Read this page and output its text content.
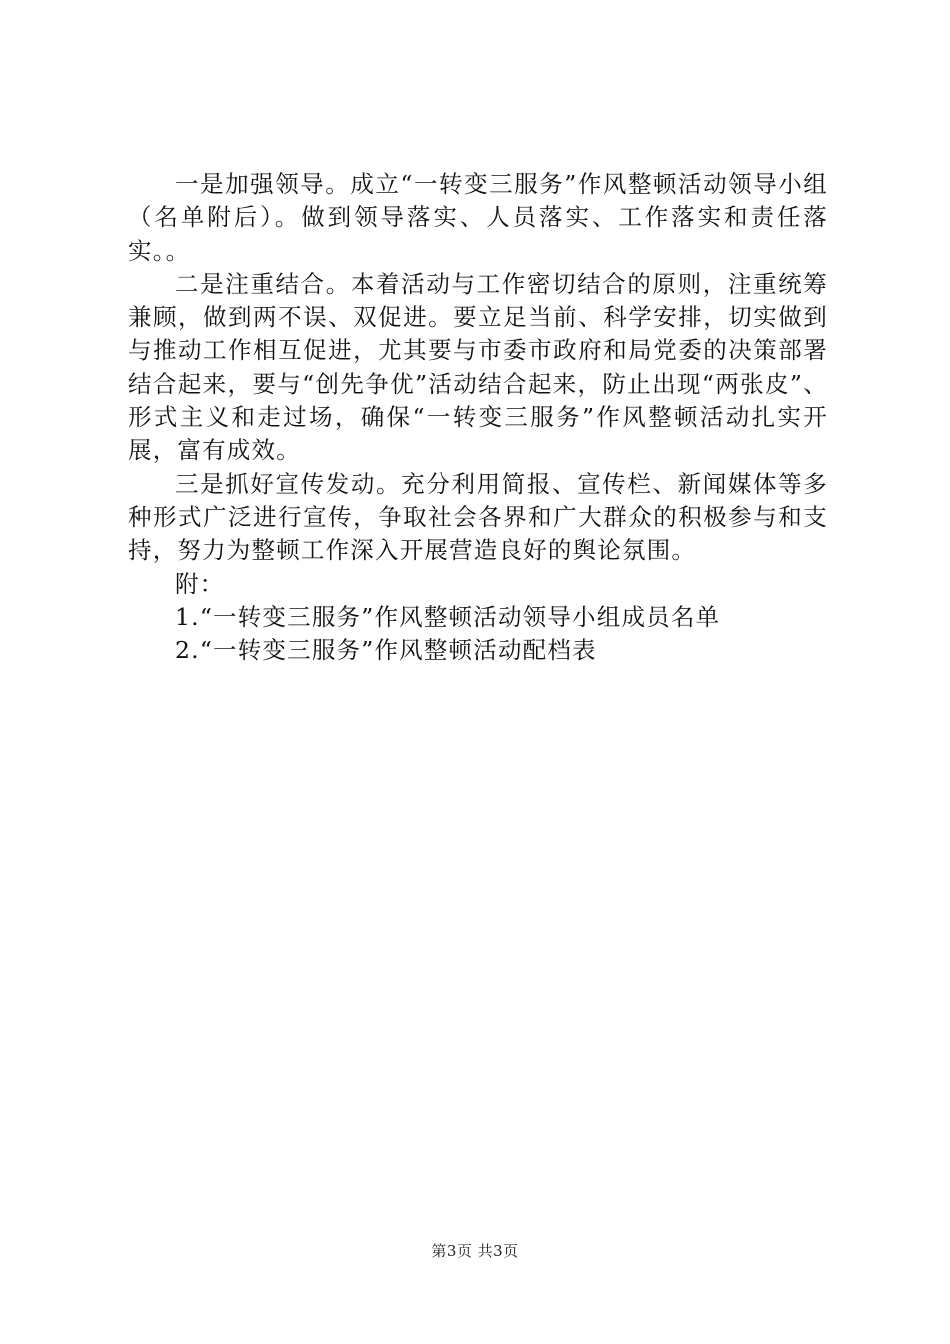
一是加强领导。成立“一转变三服务”作风整顿活动领导小组（名单附后）。做到领导落实、人员落实、工作落实和责任落实。。

二是注重结合。本着活动与工作密切结合的原则，注重统筹兼顾，做到两不误、双促进。要立足当前、科学安排，切实做到与推动工作相互促进，尤其要与市委市政府和局党委的决策部署结合起来，要与“创先争优”活动结合起来，防止出现“两张皮”、形式主义和走过场，确保“一转变三服务”作风整顿活动扎实开展，富有成效。

三是抓好宣传发动。充分利用简报、宣传栏、新闻媒体等多种形式广泛进行宣传，争取社会各界和广大群众的积极参与和支持，努力为整顿工作深入开展营造良好的舆论氛围。

附：

1.“一转变三服务”作风整顿活动领导小组成员名单

2.“一转变三服务”作风整顿活动配档表

第3页 共3页
